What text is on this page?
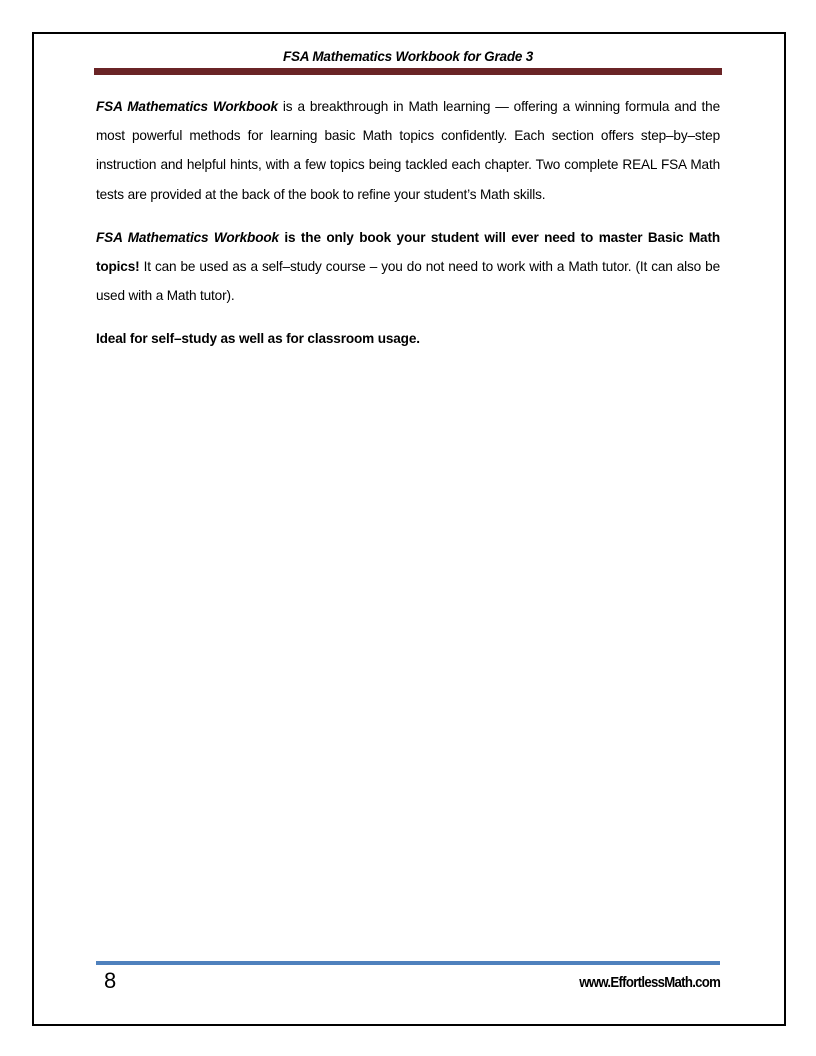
FSA Mathematics Workbook for Grade 3

FSA Mathematics Workbook is a breakthrough in Math learning — offering a winning formula and the most powerful methods for learning basic Math topics confidently. Each section offers step–by–step instruction and helpful hints, with a few topics being tackled each chapter. Two complete REAL FSA Math tests are provided at the back of the book to refine your student’s Math skills.

FSA Mathematics Workbook is the only book your student will ever need to master Basic Math topics! It can be used as a self–study course – you do not need to work with a Math tutor. (It can also be used with a Math tutor).

Ideal for self–study as well as for classroom usage.

8	www.EffortlessMath.com
